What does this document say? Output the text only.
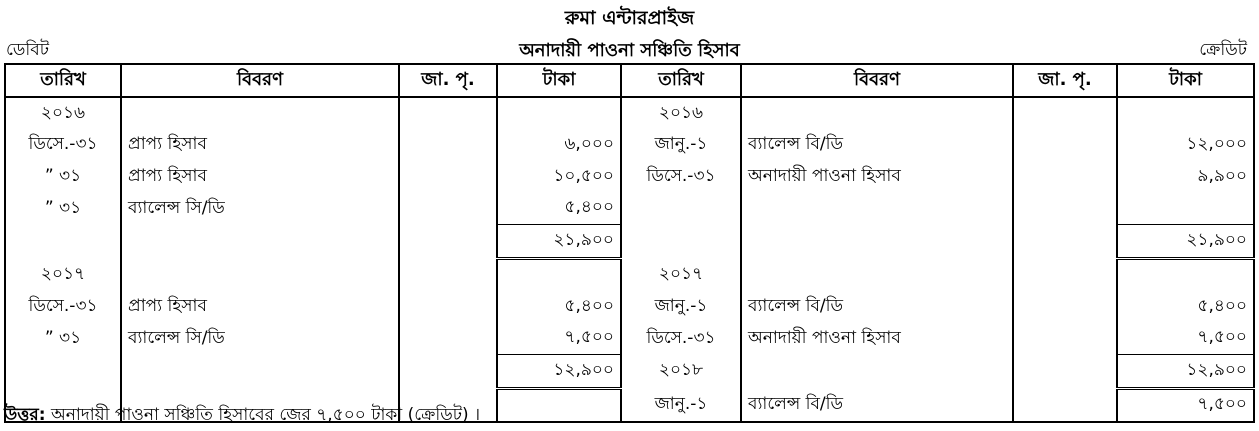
রুমা এন্টারপ্রাইজ
ডেবিট	অনাদায়ী পাওনা সঞ্চিতি হিসাব	ক্রেডিট
তারিখ	বিবরণ	জা. পৃ.	টাকা	তারিখ	বিবরণ	জা. পৃ.	টাকা
২০১৬				২০১৬			
ডিসে.-৩১	প্রাপ্য হিসাব		৬,০০০	জানু.-১	ব্যালেন্স বি/ডি		১২,০০০
” ৩১	প্রাপ্য হিসাব		১০,৫০০	ডিসে.-৩১	অনাদায়ী পাওনা হিসাব		৯,৯০০
” ৩১	ব্যালেন্স সি/ডি		৫,৪০০				
			২১,৯০০				২১,৯০০
২০১৭				২০১৭			
ডিসে.-৩১	প্রাপ্য হিসাব		৫,৪০০	জানু.-১	ব্যালেন্স বি/ডি		৫,৪০০
” ৩১	ব্যালেন্স সি/ডি		৭,৫০০	ডিসে.-৩১	অনাদায়ী পাওনা হিসাব		৭,৫০০
			১২,৯০০	২০১৮			১২,৯০০
				জানু.-১	ব্যালেন্স বি/ডি		৭,৫০০
উত্তর: অনাদায়ী পাওনা সঞ্চিতি হিসাবের জের ৭,৫০০ টাকা (ক্রেডিট) ।
